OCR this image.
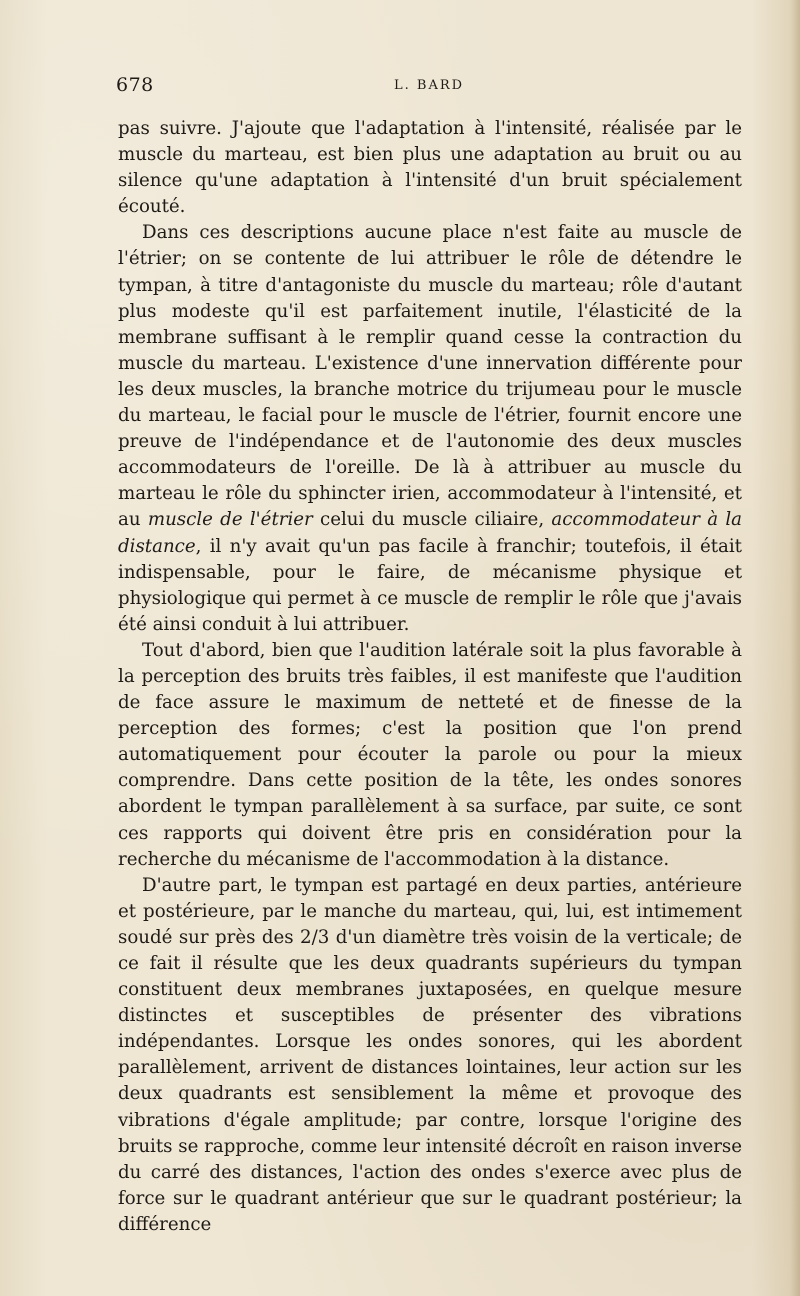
678	L. BARD

pas suivre. J'ajoute que l'adaptation à l'intensité, réalisée par le muscle du marteau, est bien plus une adaptation au bruit ou au silence qu'une adaptation à l'intensité d'un bruit spécialement écouté.

Dans ces descriptions aucune place n'est faite au muscle de l'étrier; on se contente de lui attribuer le rôle de détendre le tympan, à titre d'antagoniste du muscle du marteau; rôle d'autant plus modeste qu'il est parfaitement inutile, l'élasticité de la membrane suffisant à le remplir quand cesse la contraction du muscle du marteau. L'existence d'une innervation différente pour les deux muscles, la branche motrice du trijumeau pour le muscle du marteau, le facial pour le muscle de l'étrier, fournit encore une preuve de l'indépendance et de l'autonomie des deux muscles accommodateurs de l'oreille. De là à attribuer au muscle du marteau le rôle du sphincter irien, accommodateur à l'intensité, et au muscle de l'étrier celui du muscle ciliaire, accommodateur à la distance, il n'y avait qu'un pas facile à franchir; toutefois, il était indispensable, pour le faire, de mécanisme physique et physiologique qui permet à ce muscle de remplir le rôle que j'avais été ainsi conduit à lui attribuer.

Tout d'abord, bien que l'audition latérale soit la plus favorable à la perception des bruits très faibles, il est manifeste que l'audition de face assure le maximum de netteté et de finesse de la perception des formes; c'est la position que l'on prend automatiquement pour écouter la parole ou pour la mieux comprendre. Dans cette position de la tête, les ondes sonores abordent le tympan parallèlement à sa surface, par suite, ce sont ces rapports qui doivent être pris en considération pour la recherche du mécanisme de l'accommodation à la distance.

D'autre part, le tympan est partagé en deux parties, antérieure et postérieure, par le manche du marteau, qui, lui, est intimement soudé sur près des 2/3 d'un diamètre très voisin de la verticale; de ce fait il résulte que les deux quadrants supérieurs du tympan constituent deux membranes juxtaposées, en quelque mesure distinctes et susceptibles de présenter des vibrations indépendantes. Lorsque les ondes sonores, qui les abordent parallèlement, arrivent de distances lointaines, leur action sur les deux quadrants est sensiblement la même et provoque des vibrations d'égale amplitude; par contre, lorsque l'origine des bruits se rapproche, comme leur intensité décroît en raison inverse du carré des distances, l'action des ondes s'exerce avec plus de force sur le quadrant antérieur que sur le quadrant postérieur; la différence
